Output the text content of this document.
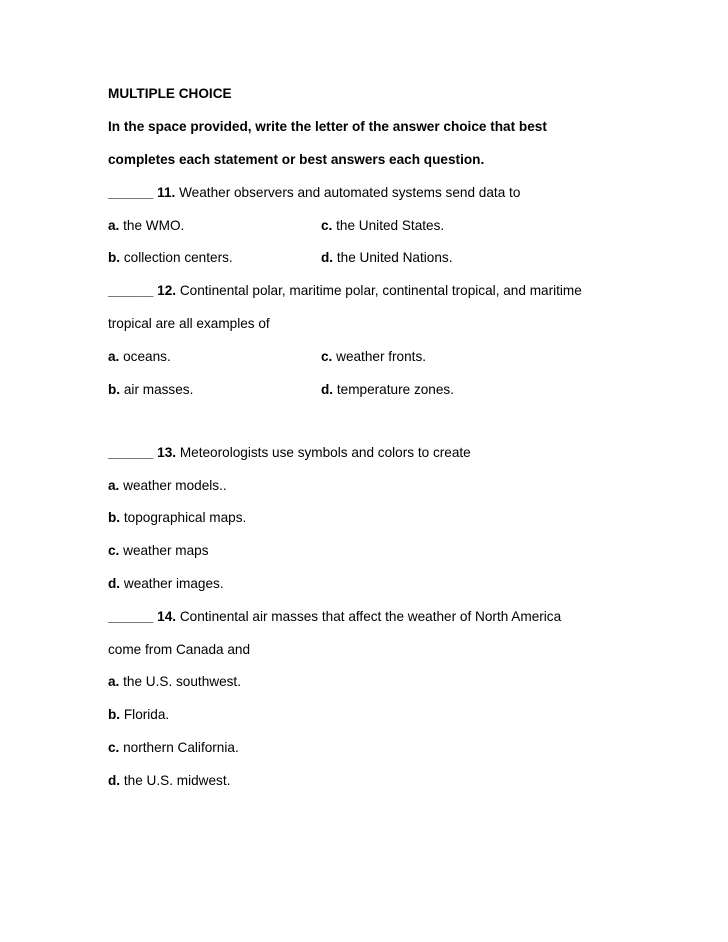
MULTIPLE CHOICE
In the space provided, write the letter of the answer choice that best
completes each statement or best answers each question.
______ 11. Weather observers and automated systems send data to
a. the WMO.	c. the United States.
b. collection centers.	d. the United Nations.
______ 12. Continental polar, maritime polar, continental tropical, and maritime
tropical are all examples of
a. oceans.	c. weather fronts.
b. air masses.	d. temperature zones.
______ 13. Meteorologists use symbols and colors to create
a. weather models..
b. topographical maps.
c. weather maps
d. weather images.
______ 14. Continental air masses that affect the weather of North America
come from Canada and
a. the U.S. southwest.
b. Florida.
c. northern California.
d. the U.S. midwest.
